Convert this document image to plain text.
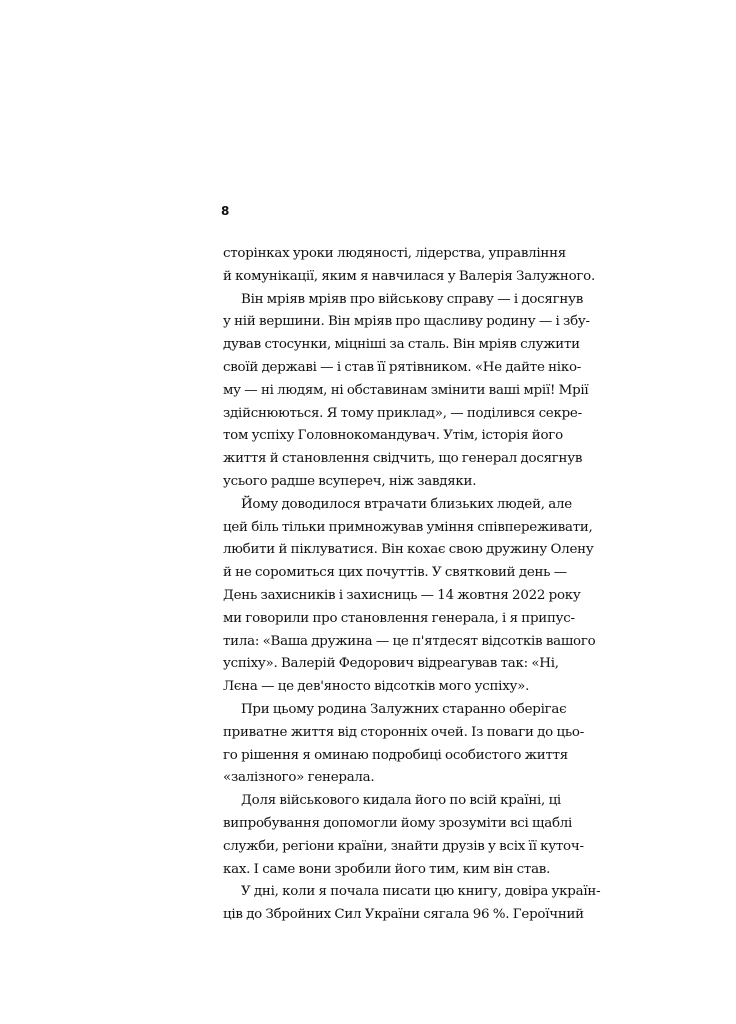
8
сторінках уроки людяності, лідерства, управління
й комунікації, яким я навчилася у Валерія Залужного.
Він мріяв мріяв про військову справу — і досягнув
у ній вершини. Він мріяв про щасливу родину — і збу-
дував стосунки, міцніші за сталь. Він мріяв служити
своїй державі — і став її рятівником. «Не дайте ніко-
му — ні людям, ні обставинам змінити ваші мрії! Мрії
здійснюються. Я тому приклад», — поділився секре-
том успіху Головнокомандувач. Утім, історія його
життя й становлення свідчить, що генерал досягнув
усього радше всупереч, ніж завдяки.
Йому доводилося втрачати близьких людей, але
цей біль тільки примножував уміння співпереживати,
любити й піклуватися. Він кохає свою дружину Олену
й не соромиться цих почуттів. У святковий день —
День захисників і захисниць — 14 жовтня 2022 року
ми говорили про становлення генерала, і я припус-
тила: «Ваша дружина — це п'ятдесят відсотків вашого
успіху». Валерій Федорович відреагував так: «Ні,
Лєна — це дев'яносто відсотків мого успіху».
При цьому родина Залужних старанно оберігає
приватне життя від сторонніх очей. Із поваги до цьо-
го рішення я оминаю подробиці особистого життя
«залізного» генерала.
Доля військового кидала його по всій країні, ці
випробування допомогли йому зрозуміти всі щаблі
служби, регіони країни, знайти друзів у всіх її куточ-
ках. І саме вони зробили його тим, ким він став.
У дні, коли я почала писати цю книгу, довіра україн-
ців до Збройних Сил України сягала 96 %. Героїчний
